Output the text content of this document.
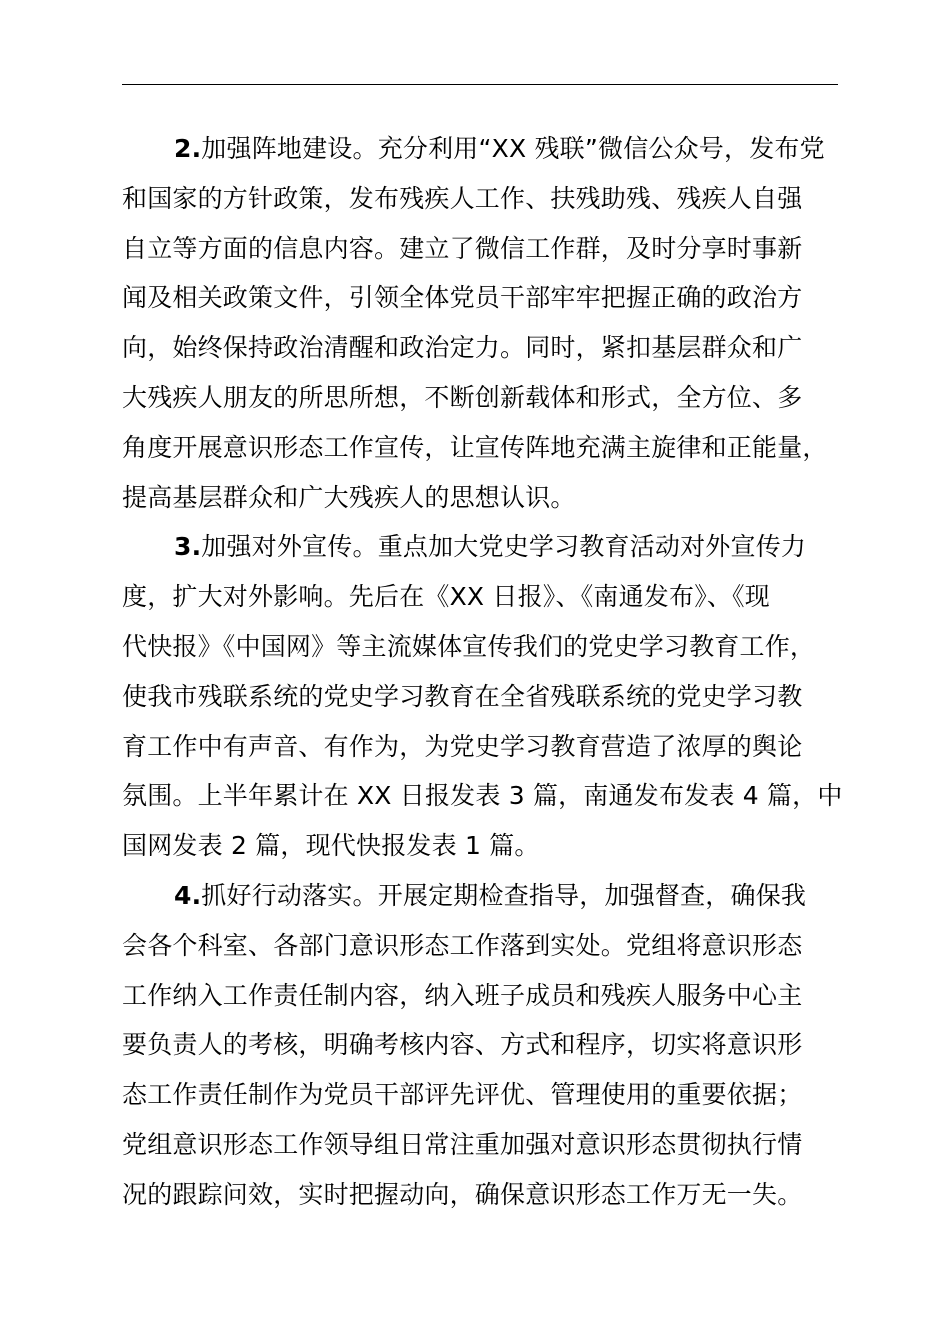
2.加强阵地建设。充分利用“XX 残联”微信公众号，发布党
和国家的方针政策，发布残疾人工作、扶残助残、残疾人自强
自立等方面的信息内容。建立了微信工作群，及时分享时事新
闻及相关政策文件，引领全体党员干部牢牢把握正确的政治方
向，始终保持政治清醒和政治定力。同时，紧扣基层群众和广
大残疾人朋友的所思所想，不断创新载体和形式，全方位、多
角度开展意识形态工作宣传，让宣传阵地充满主旋律和正能量，
提高基层群众和广大残疾人的思想认识。
3.加强对外宣传。重点加大党史学习教育活动对外宣传力
度，扩大对外影响。先后在《XX 日报》、《南通发布》、《现
代快报》《中国网》等主流媒体宣传我们的党史学习教育工作，
使我市残联系统的党史学习教育在全省残联系统的党史学习教
育工作中有声音、有作为，为党史学习教育营造了浓厚的舆论
氛围。上半年累计在 XX 日报发表 3 篇，南通发布发表 4 篇，中
国网发表 2 篇，现代快报发表 1 篇。
4.抓好行动落实。开展定期检查指导，加强督查，确保我
会各个科室、各部门意识形态工作落到实处。党组将意识形态
工作纳入工作责任制内容，纳入班子成员和残疾人服务中心主
要负责人的考核，明确考核内容、方式和程序，切实将意识形
态工作责任制作为党员干部评先评优、管理使用的重要依据；
党组意识形态工作领导组日常注重加强对意识形态贯彻执行情
况的跟踪问效，实时把握动向，确保意识形态工作万无一失。
